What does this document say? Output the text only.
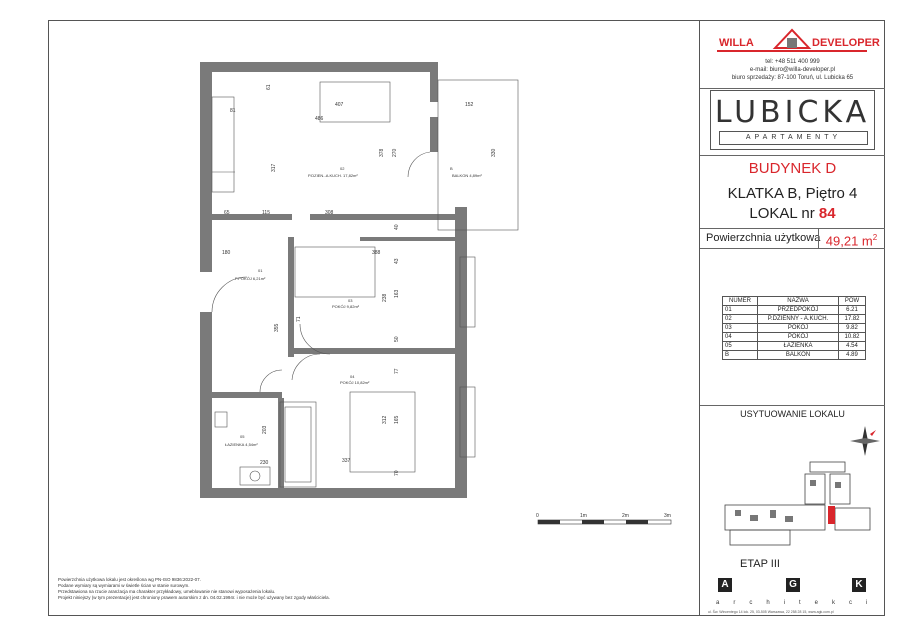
81
61
407
486
152
317
378 270	330
65	115	308
180	388
40
43
238 163
355
50
71
77
203
312 165
230	337
70
02
P.DZIEN.-A.KUCH. 17,82m²
B
BALKON 4,89m²
01
P.POKÓJ 6,21m²
03
POKÓJ 9,82m²
04
POKÓJ 10,82m²
05
ŁAZIENKA 4,54m²
0	1m	2m	3m
Powierzchnia użytkowa lokalu jest określona wg PN-ISO 9836:2022-07.
Podane wymiary są wymiarami w świetle ścian w stanie surowym.
Przedstawiona na rzucie aranżacja ma charakter przykładowy, umeblowanie nie stanowi wyposażenia lokalu.
Projekt niniejszy (w tym prezentacje) jest chroniony prawem autorskim z dn. 04.02.1994r. i nie może być używany bez zgody właściciela.
WILLA	DEVELOPER
tel: +48 511 400 999
e-mail: biuro@willa-developer.pl
biuro sprzedaży: 87-100 Toruń, ul. Lubicka 65
LUBICKA
APARTAMENTY
BUDYNEK D
KLATKA B, Piętro 4
LOKAL nr 84
Powierzchnia użytkowa 49,21 $m^2$
NUMER	NAZWA	POW
01	PRZEDPOKÓJ	6.21
02	P.DZIENNY - A.KUCH.	17.82
03	POKÓJ	9.82
04	POKÓJ	10.82
05	ŁAZIENKA	4.54
B	BALKON	4.89
USYTUOWANIE LOKALU
ETAP III
A	G	K
architekci
ul. Św. Wincentego 14 lok. 25, 03-505 Warszawa, 22 258 28 15, www.agk.com.pl
